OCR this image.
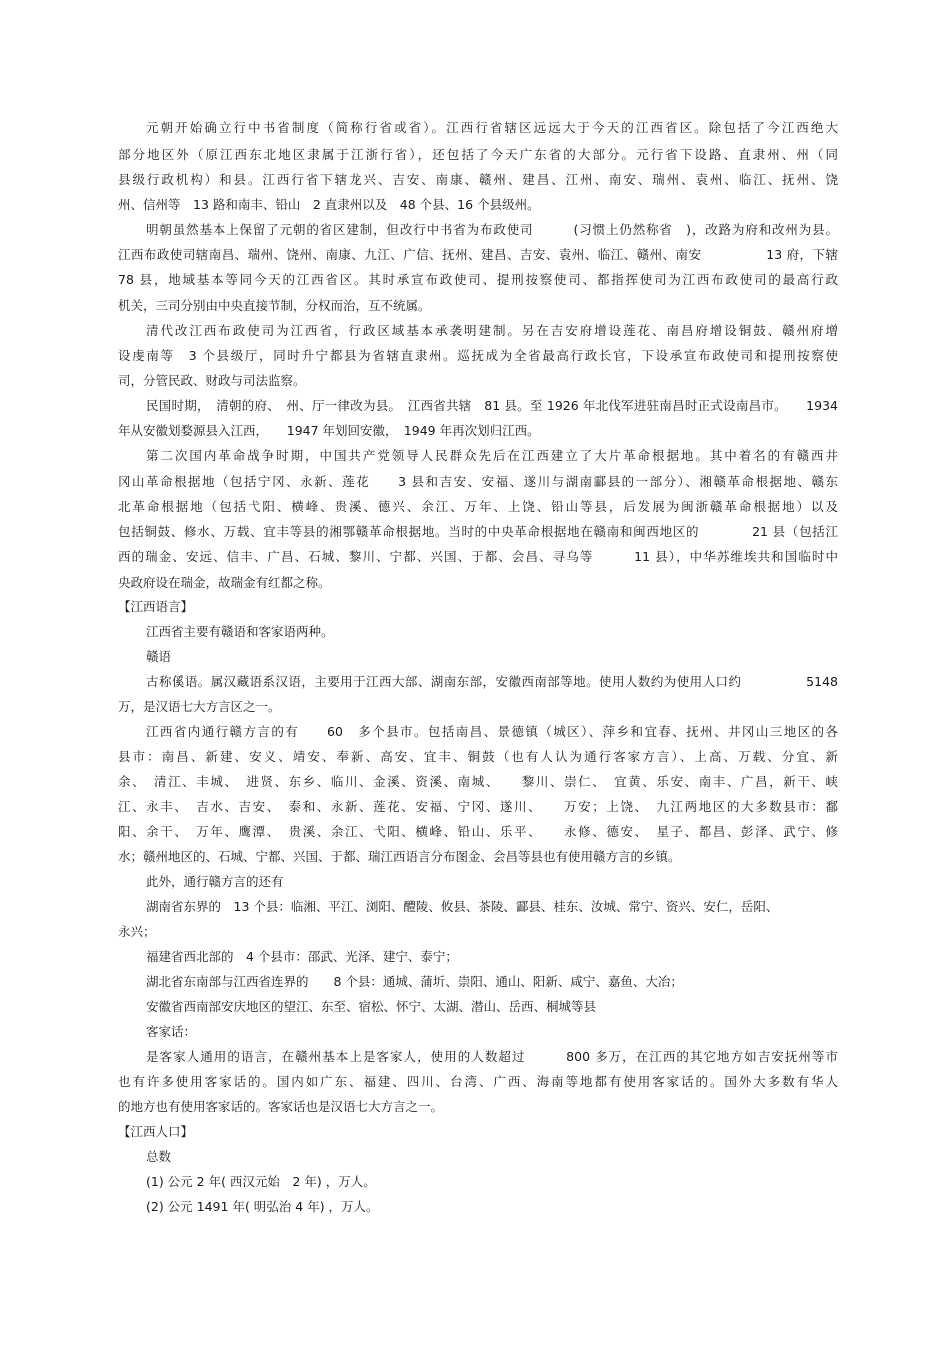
元朝开始确立行中书省制度（简称行省或省）。江西行省辖区远远大于今天的江西省区。除包括了今江西绝大
部分地区外（原江西东北地区隶属于江浙行省），还包括了今天广东省的大部分。元行省下设路、直隶州、州（同
县级行政机构）和县。江西行省下辖龙兴、吉安、南康、赣州、建昌、江州、南安、瑞州、袁州、临江、抚州、饶
州、信州等　13 路和南丰、铅山　2 直隶州以及　48 个县、16 个县级州。
明朝虽然基本上保留了元朝的省区建制，但改行中书省为布政使司　　　(习惯上仍然称省　)，改路为府和改州为县。
江西布政使司辖南昌、瑞州、饶州、南康、九江、广信、抚州、建昌、吉安、袁州、临江、赣州、南安　　　　　13 府，下辖
78 县，地域基本等同今天的江西省区。其时承宣布政使司、提刑按察使司、都指挥使司为江西布政使司的最高行政
机关，三司分别由中央直接节制，分权而治，互不统属。
清代改江西布政使司为江西省，行政区域基本承袭明建制。另在吉安府增设莲花、南昌府增设铜鼓、赣州府增
设虔南等　3 个县级厅，同时升宁都县为省辖直隶州。巡抚成为全省最高行政长官，下设承宣布政使司和提刑按察使
司，分管民政、财政与司法监察。
民国时期，　清朝的府、　州、厅一律改为县。　江西省共辖　81 县。至 1926 年北伐军进驻南昌时正式设南昌市。　　1934
年从安徽划婺源县入江西，　　1947 年划回安徽，　1949 年再次划归江西。
第二次国内革命战争时期，中国共产党领导人民群众先后在江西建立了大片革命根据地。其中着名的有赣西井
冈山革命根据地（包括宁冈、永新、莲花　　3 县和吉安、安福、遂川与湖南酃县的一部分）、湘赣革命根据地、赣东
北革命根据地（包括弋阳、横峰、贵溪、德兴、余江、万年、上饶、铅山等县，后发展为闽浙赣革命根据地）以及
包括铜鼓、修水、万载、宜丰等县的湘鄂赣革命根据地。当时的中央革命根据地在赣南和闽西地区的　　　　21 县（包括江
西的瑞金、安远、信丰、广昌、石城、黎川、宁都、兴国、于都、会昌、寻乌等　　　11 县），中华苏维埃共和国临时中
央政府设在瑞金，故瑞金有红都之称。
【江西语言】
江西省主要有赣语和客家语两种。
赣语
古称傒语。属汉藏语系汉语，主要用于江西大部、湖南东部，安徽西南部等地。使用人数约为使用人口约　　　　　5148
万，是汉语七大方言区之一。
江西省内通行赣方言的有　　60　多个县市。包括南昌、景德镇（城区）、萍乡和宜春、抚州、井冈山三地区的各
县市：南昌、新建、安义、靖安、奉新、高安、宜丰、铜鼓（也有人认为通行客家方言）、上高、万载、分宜、新
余、　清江、丰城、　进贤、东乡、临川、金溪、资溪、南城、　　黎川、崇仁、　宜黄、乐安、南丰、广昌，新干、峡
江、永丰、　吉水、吉安、　泰和、永新、莲花、安福、宁冈、遂川、　　万安；上饶、　九江两地区的大多数县市：鄱
阳、余干、　万年、鹰潭、　贵溪、余江、弋阳、横峰、铅山、乐平、　　永修、德安、　星子、都昌、彭泽、武宁、修
水；赣州地区的、石城、宁都、兴国、于都、瑞江西语言分布图金、会昌等县也有使用赣方言的乡镇。
此外，通行赣方言的还有
湖南省东界的　13 个县：临湘、平江、浏阳、醴陵、攸县、茶陵、酃县、桂东、汝城、常宁、资兴、安仁，岳阳、
永兴；
福建省西北部的　4 个县市：邵武、光泽、建宁、泰宁；
湖北省东南部与江西省连界的　　8 个县：通城、蒲圻、崇阳、通山、阳新、咸宁、嘉鱼、大冶；
安徽省西南部安庆地区的望江、东至、宿松、怀宁、太湖、潜山、岳西、桐城等县
客家话：
是客家人通用的语言，在赣州基本上是客家人，使用的人数超过　　　800 多万，在江西的其它地方如吉安抚州等市
也有许多使用客家话的。国内如广东、福建、四川、台湾、广西、海南等地都有使用客家话的。国外大多数有华人
的地方也有使用客家话的。客家话也是汉语七大方言之一。
【江西人口】
总数
(1) 公元 2 年( 西汉元始　2 年) ，万人。
(2) 公元 1491 年( 明弘治 4 年) ，万人。
